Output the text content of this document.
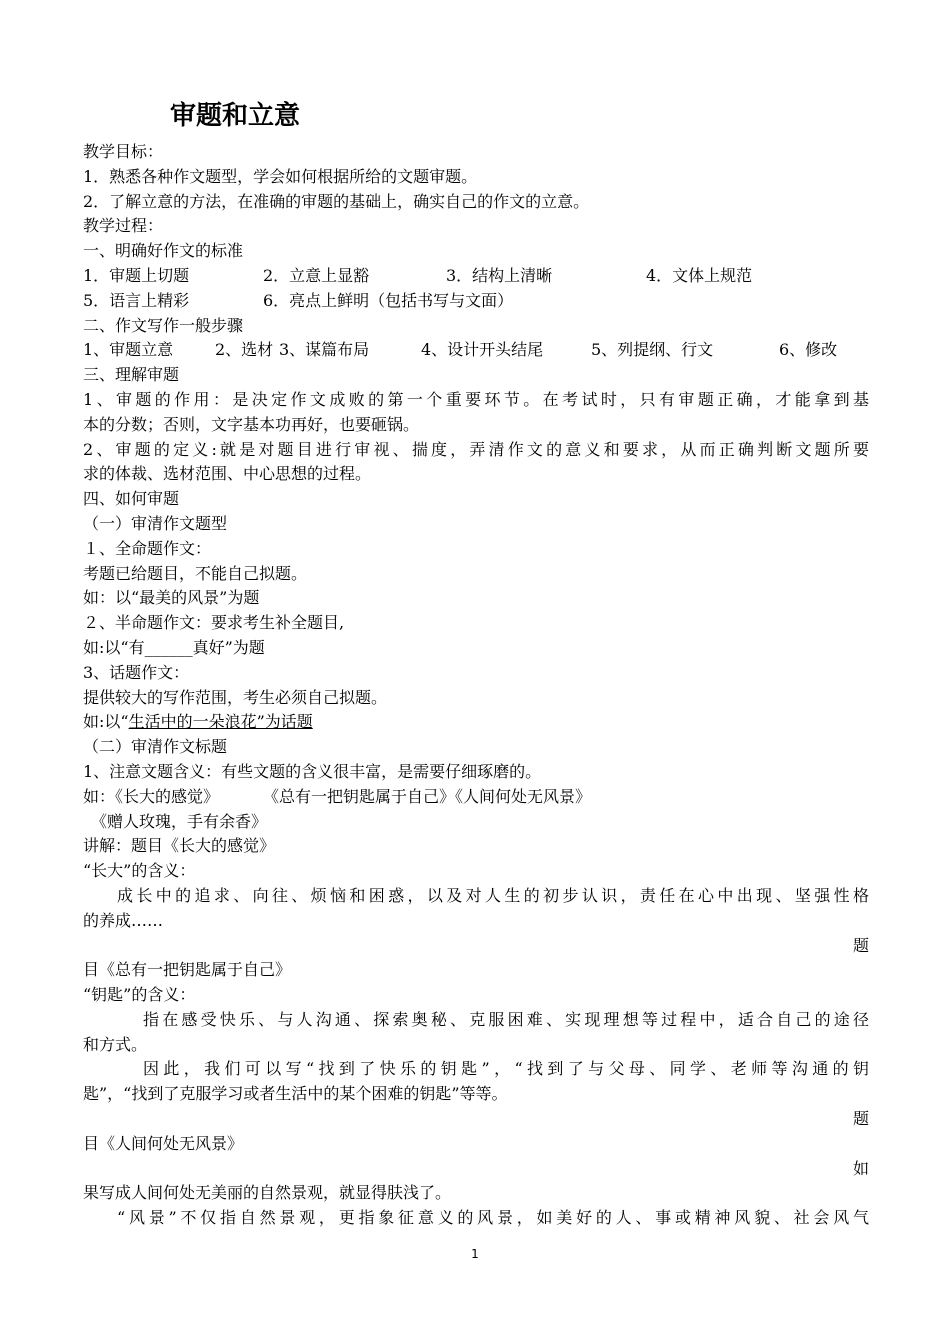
审题和立意
教学目标：
1．熟悉各种作文题型，学会如何根据所给的文题审题。
2．了解立意的方法，在准确的审题的基础上，确实自己的作文的立意。
教学过程：
一、明确好作文的标准
1．审题上切题	2．立意上显豁	3．结构上清晰	4．文体上规范
5．语言上精彩	6．亮点上鲜明（包括书写与文面）
二、作文写作一般步骤
1、审题立意	2、选材 3、谋篇布局	4、设计开头结尾	5、列提纲、行文	6、修改
三、理解审题
1、审题的作用：是决定作文成败的第一个重要环节。在考试时，只有审题正确，才能拿到基
本的分数；否则，文字基本功再好，也要砸锅。
2、审题的定义:就是对题目进行审视、揣度，弄清作文的意义和要求，从而正确判断文题所要
求的体裁、选材范围、中心思想的过程。
四、如何审题
（一）审清作文题型
１、全命题作文：
考题已给题目，不能自己拟题。
如：以“最美的风景”为题
２、半命题作文：要求考生补全题目,
如:以“有______真好”为题
3、话题作文：
提供较大的写作范围，考生必须自己拟题。
如:以“生活中的一朵浪花”为话题
（二）审清作文标题
1、注意文题含义：有些文题的含义很丰富，是需要仔细琢磨的。
如：《长大的感觉》	《总有一把钥匙属于自己》《人间何处无风景》
《赠人玫瑰，手有余香》
讲解：题目《长大的感觉》
“长大”的含义：
成长中的追求、向往、烦恼和困惑，以及对人生的初步认识，责任在心中出现、坚强性格
的养成……
题
目《总有一把钥匙属于自己》
“钥匙”的含义：
指在感受快乐、与人沟通、探索奥秘、克服困难、实现理想等过程中，适合自己的途径
和方式。
因此，我们可以写“找到了快乐的钥匙”，“找到了与父母、同学、老师等沟通的钥
匙”，“找到了克服学习或者生活中的某个困难的钥匙”等等。
题
目《人间何处无风景》
如
果写成人间何处无美丽的自然景观，就显得肤浅了。
“风景”不仅指自然景观，更指象征意义的风景，如美好的人、事或精神风貌、社会风气
1
